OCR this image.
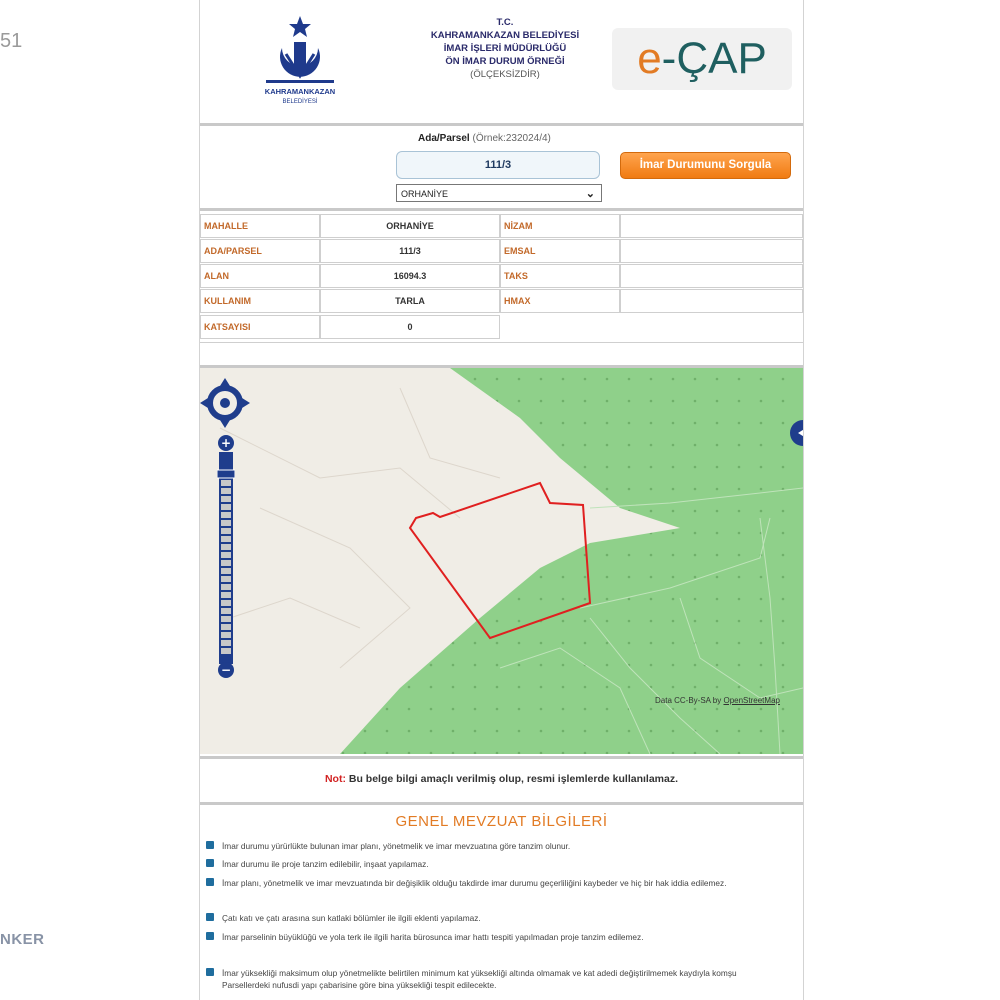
51
NKER
KAHRAMANKAZAN
BELEDİYESİ
T.C.
KAHRAMANKAZAN BELEDİYESİ
İMAR İŞLERİ MÜDÜRLÜĞÜ
ÖN İMAR DURUM ÖRNEĞİ
(ÖLÇEKSİZDİR)	e-ÇAP
Ada/Parsel (Örnek:232024/4)
111/3	İmar Durumunu Sorgula
ORHANİYE	⌄
MAHALLE	ORHANİYE	NİZAM
ADA/PARSEL	111/3	EMSAL
ALAN	16094.3	TAKS
KULLANIM	TARLA	HMAX
KATSAYISI	0
+
−
Data CC-By-SA by OpenStreetMap
Not: Bu belge bilgi amaçlı verilmiş olup, resmi işlemlerde kullanılamaz.
GENEL MEVZUAT BİLGİLERİ
İmar durumu yürürlükte bulunan imar planı, yönetmelik ve imar mevzuatına göre tanzim olunur.
İmar durumu ile proje tanzim edilebilir, inşaat yapılamaz.
İmar planı, yönetmelik ve imar mevzuatında bir değişiklik olduğu takdirde imar durumu geçerliliğini kaybeder ve hiç bir hak iddia edilemez.
Çatı katı ve çatı arasına sun katlaki bölümler ile ilgili eklenti yapılamaz.
İmar parselinin büyüklüğü ve yola terk ile ilgili harita bürosunca imar hattı tespiti yapılmadan proje tanzim edilemez.
İmar yüksekliği maksimum olup yönetmelikte belirtilen minimum kat yüksekliği altında olmamak ve kat adedi değiştirilmemek kaydıyla komşu Parsellerdeki nufusdi yapı çabarisine göre bina yüksekliği tespit edilecekte.
